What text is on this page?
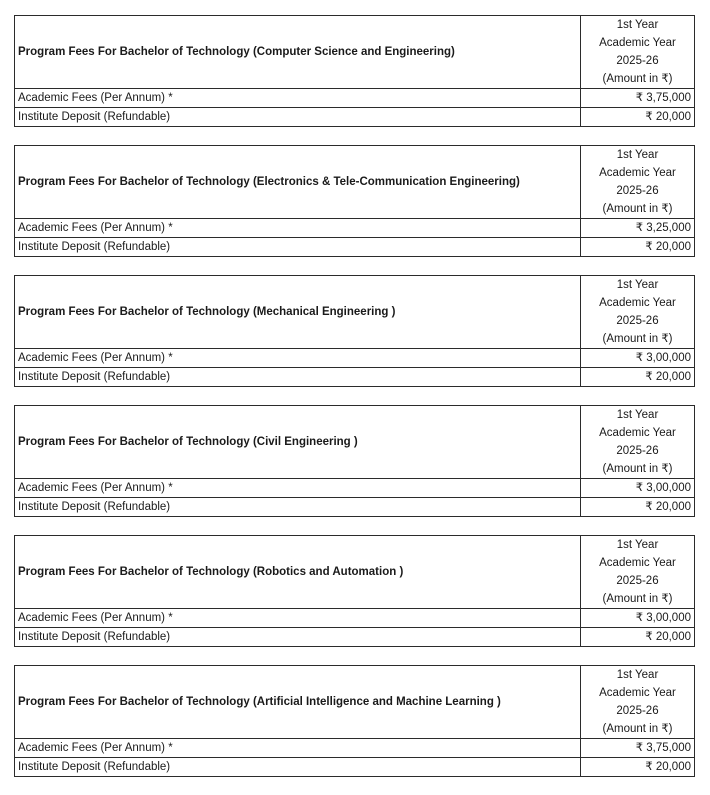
Program Fees For Bachelor of Technology (Computer Science and Engineering)	1st Year
Academic Year
2025-26
(Amount in ₹)

Academic Fees (Per Annum) *	₹ 3,75,000
Institute Deposit (Refundable)	₹ 20,000
Program Fees For Bachelor of Technology (Electronics & Tele-Communication Engineering)	1st Year
Academic Year
2025-26
(Amount in ₹)

Academic Fees (Per Annum) *	₹ 3,25,000
Institute Deposit (Refundable)	₹ 20,000
Program Fees For Bachelor of Technology (Mechanical Engineering )	1st Year
Academic Year
2025-26
(Amount in ₹)

Academic Fees (Per Annum) *	₹ 3,00,000
Institute Deposit (Refundable)	₹ 20,000
Program Fees For Bachelor of Technology (Civil Engineering )	1st Year
Academic Year
2025-26
(Amount in ₹)

Academic Fees (Per Annum) *	₹ 3,00,000
Institute Deposit (Refundable)	₹ 20,000
Program Fees For Bachelor of Technology (Robotics and Automation )	1st Year
Academic Year
2025-26
(Amount in ₹)

Academic Fees (Per Annum) *	₹ 3,00,000
Institute Deposit (Refundable)	₹ 20,000
Program Fees For Bachelor of Technology (Artificial Intelligence and Machine Learning )	1st Year
Academic Year
2025-26
(Amount in ₹)

Academic Fees (Per Annum) *	₹ 3,75,000
Institute Deposit (Refundable)	₹ 20,000
